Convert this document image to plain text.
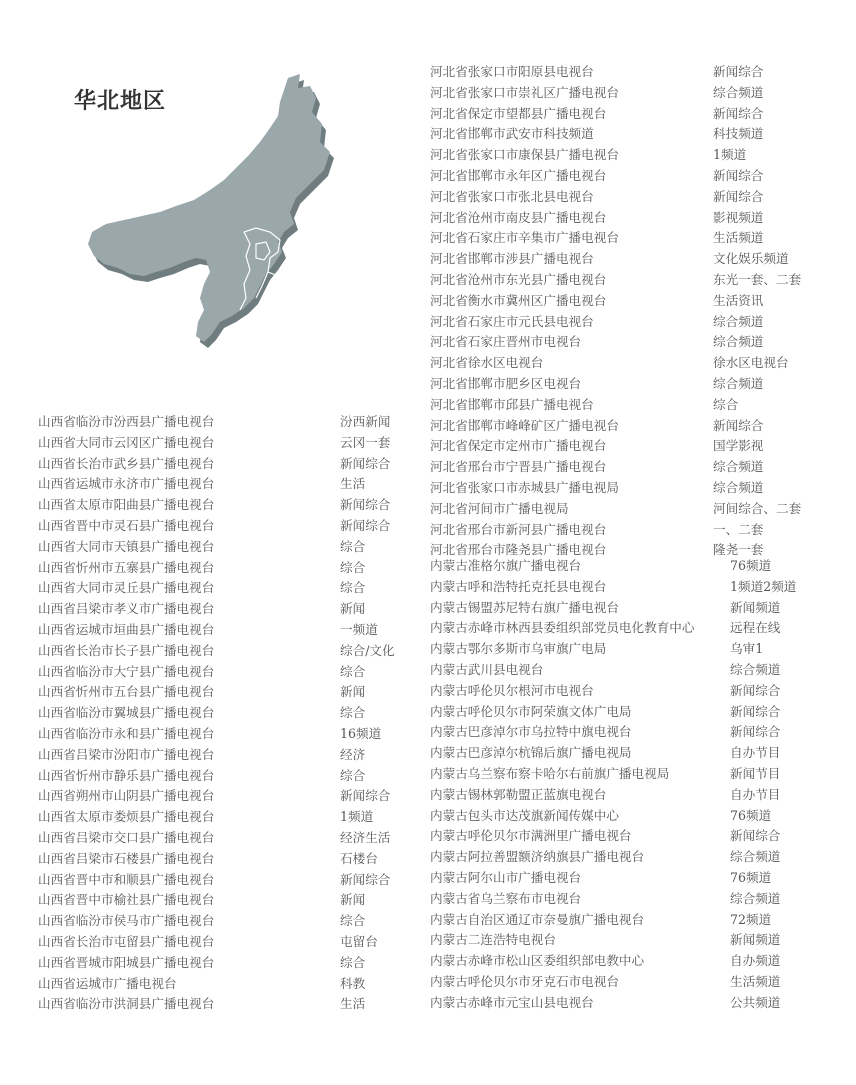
华北地区
河北省张家口市阳原县电视台	新闻综合
河北省张家口市崇礼区广播电视台	综合频道
河北省保定市望都县广播电视台	新闻综合
河北省邯郸市武安市科技频道	科技频道
河北省张家口市康保县广播电视台	1频道
河北省邯郸市永年区广播电视台	新闻综合
河北省张家口市张北县电视台	新闻综合
河北省沧州市南皮县广播电视台	影视频道
河北省石家庄市辛集市广播电视台	生活频道
河北省邯郸市涉县广播电视台	文化娱乐频道
河北省沧州市东光县广播电视台	东光一套、二套
河北省衡水市冀州区广播电视台	生活资讯
河北省石家庄市元氏县电视台	综合频道
河北省石家庄晋州市电视台	综合频道
河北省徐水区电视台	徐水区电视台
河北省邯郸市肥乡区电视台	综合频道
河北省邯郸市邱县广播电视台	综合
河北省邯郸市峰峰矿区广播电视台	新闻综合
河北省保定市定州市广播电视台	国学影视
河北省邢台市宁晋县广播电视台	综合频道
河北省张家口市赤城县广播电视局	综合频道
河北省河间市广播电视局	河间综合、二套
河北省邢台市新河县广播电视台	一、二套
河北省邢台市隆尧县广播电视台	隆尧一套
内蒙古准格尔旗广播电视台	76频道
内蒙古呼和浩特托克托县电视台	1频道2频道
内蒙古锡盟苏尼特右旗广播电视台	新闻频道
内蒙古赤峰市林西县委组织部党员电化教育中心	远程在线
内蒙古鄂尔多斯市乌审旗广电局	乌审1
内蒙古武川县电视台	综合频道
内蒙古呼伦贝尔根河市电视台	新闻综合
内蒙古呼伦贝尔市阿荣旗文体广电局	新闻综合
内蒙古巴彦淖尔市乌拉特中旗电视台	新闻综合
内蒙古巴彦淖尔杭锦后旗广播电视局	自办节目
内蒙古乌兰察布察卡哈尔右前旗广播电视局	新闻节目
内蒙古锡林郭勒盟正蓝旗电视台	自办节目
内蒙古包头市达茂旗新闻传媒中心	76频道
内蒙古呼伦贝尔市满洲里广播电视台	新闻综合
内蒙古阿拉善盟额济纳旗县广播电视台	综合频道
内蒙古阿尔山市广播电视台	76频道
内蒙古省乌兰察布市电视台	综合频道
内蒙古自治区通辽市奈曼旗广播电视台	72频道
内蒙古二连浩特电视台	新闻频道
内蒙古赤峰市松山区委组织部电教中心	自办频道
内蒙古呼伦贝尔市牙克石市电视台	生活频道
内蒙古赤峰市元宝山县电视台	公共频道
山西省临汾市汾西县广播电视台	汾西新闻
山西省大同市云冈区广播电视台	云冈一套
山西省长治市武乡县广播电视台	新闻综合
山西省运城市永济市广播电视台	生活
山西省太原市阳曲县广播电视台	新闻综合
山西省晋中市灵石县广播电视台	新闻综合
山西省大同市天镇县广播电视台	综合
山西省忻州市五寨县广播电视台	综合
山西省大同市灵丘县广播电视台	综合
山西省吕梁市孝义市广播电视台	新闻
山西省运城市垣曲县广播电视台	一频道
山西省长治市长子县广播电视台	综合/文化
山西省临汾市大宁县广播电视台	综合
山西省忻州市五台县广播电视台	新闻
山西省临汾市翼城县广播电视台	综合
山西省临汾市永和县广播电视台	16频道
山西省吕梁市汾阳市广播电视台	经济
山西省忻州市静乐县广播电视台	综合
山西省朔州市山阴县广播电视台	新闻综合
山西省太原市娄烦县广播电视台	1频道
山西省吕梁市交口县广播电视台	经济生活
山西省吕梁市石楼县广播电视台	石楼台
山西省晋中市和顺县广播电视台	新闻综合
山西省晋中市榆社县广播电视台	新闻
山西省临汾市侯马市广播电视台	综合
山西省长治市屯留县广播电视台	屯留台
山西省晋城市阳城县广播电视台	综合
山西省运城市广播电视台	科教
山西省临汾市洪洞县广播电视台	生活
